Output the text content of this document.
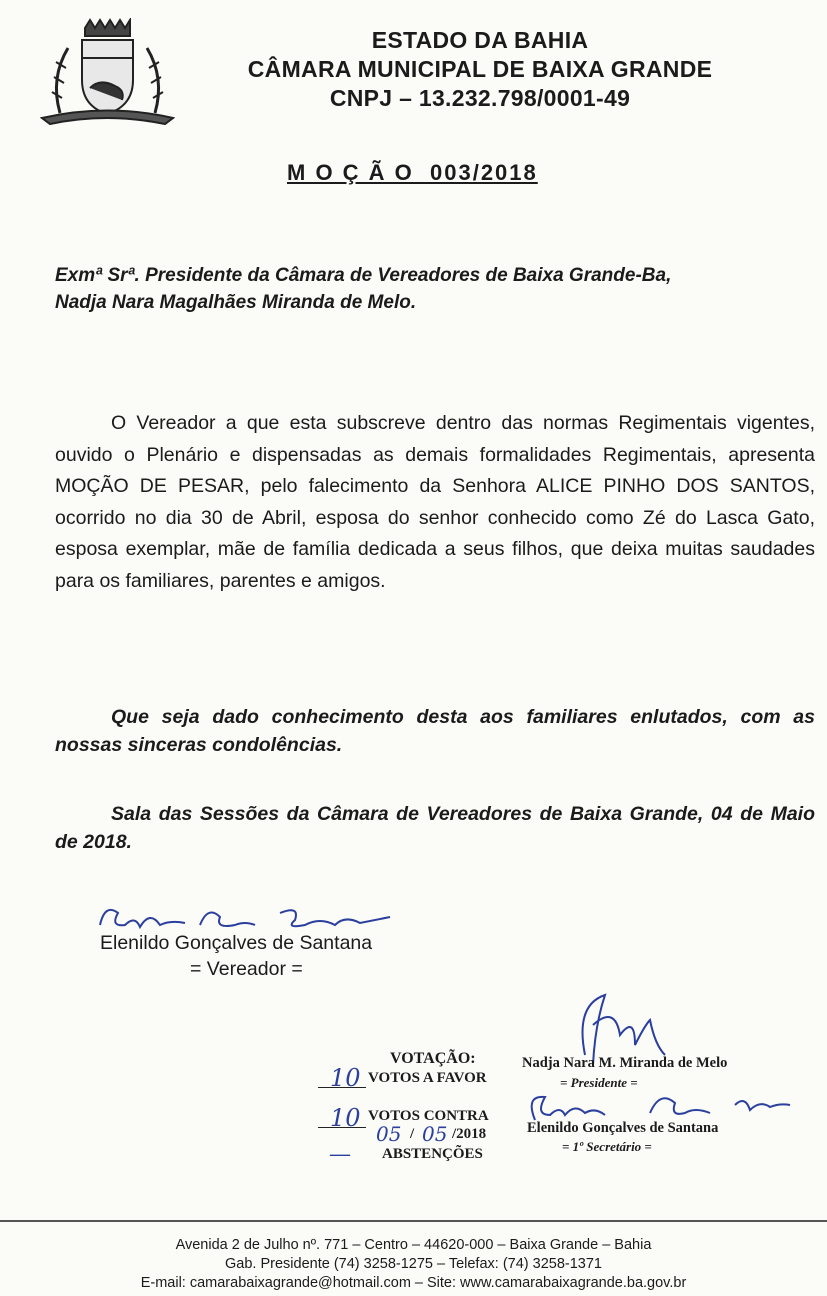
ESTADO DA BAHIA
CÂMARA MUNICIPAL DE BAIXA GRANDE
CNPJ – 13.232.798/0001-49
M O Ç Ã O  003/2018
Exmª Srª. Presidente da Câmara de Vereadores de Baixa Grande-Ba,
Nadja Nara Magalhães Miranda de Melo.

O Vereador a que esta subscreve dentro das normas Regimentais vigentes, ouvido o Plenário e dispensadas as demais formalidades Regimentais, apresenta MOÇÃO DE PESAR, pelo falecimento da Senhora ALICE PINHO DOS SANTOS, ocorrido no dia 30 de Abril, esposa do senhor conhecido como Zé do Lasca Gato, esposa exemplar, mãe de família dedicada a seus filhos, que deixa muitas saudades para os familiares, parentes e amigos.

Que seja dado conhecimento desta aos familiares enlutados, com as nossas sinceras condolências.
Sala das Sessões da Câmara de Vereadores de Baixa Grande, 04 de Maio de 2018.
Elenildo Gonçalves de Santana
= Vereador =
VOTAÇÃO:
10 VOTOS A FAVOR
10 VOTOS CONTRA
05 / 05 /2018
— ABSTENÇÕES
Nadja Nara M. Miranda de Melo
= Presidente =
Elenildo Gonçalves de Santana
= 1º Secretário =
Avenida 2 de Julho nº. 771 – Centro – 44620-000 – Baixa Grande – Bahia
Gab. Presidente (74) 3258-1275 – Telefax: (74) 3258-1371
E-mail: camarabaixagrande@hotmail.com – Site: www.camarabaixagrande.ba.gov.br
